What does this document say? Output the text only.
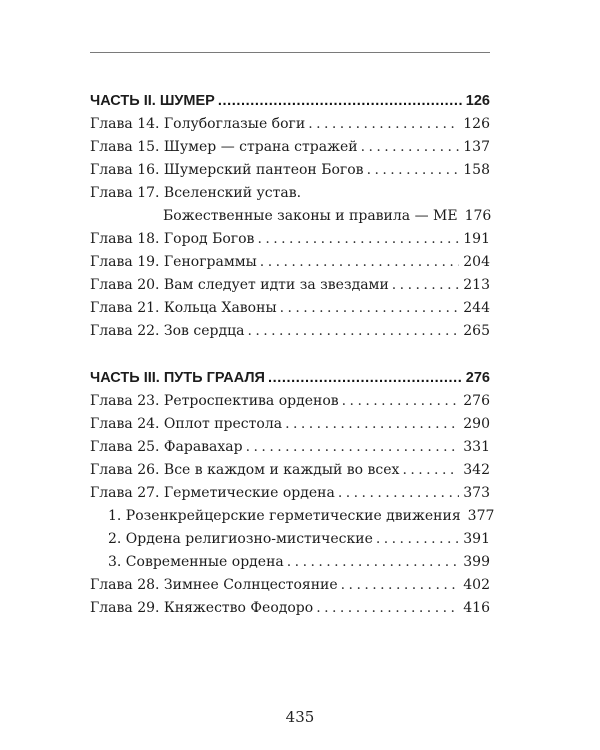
ЧАСТЬ II. ШУМЕР .....	126
Глава 14. Голубоглазые боги . . .	126
Глава 15. Шумер — страна стражей . . .	137
Глава 16. Шумерский пантеон Богов . . .	158
Глава 17. Вселенский устав.
Божественные законы и правила — МЕ 176
Глава 18. Город Богов . . .	191
Глава 19. Генограммы . . .	204
Глава 20. Вам следует идти за звездами . . .	213
Глава 21. Кольца Хавоны . . .	244
Глава 22. Зов сердца . . .	265
ЧАСТЬ III. ПУТЬ ГРААЛЯ .....	276
Глава 23. Ретроспектива орденов . . .	276
Глава 24. Оплот престола . . .	290
Глава 25. Фаравахар . . .	331
Глава 26. Все в каждом и каждый во всех . . .	342
Глава 27. Герметические ордена . . .	373
1. Розенкрейцерские герметические движения 377
2. Ордена религиозно-мистические . . .	391
3. Современные ордена . . .	399
Глава 28. Зимнее Солнцестояние . . .	402
Глава 29. Княжество Феодоро . . .	416
435
